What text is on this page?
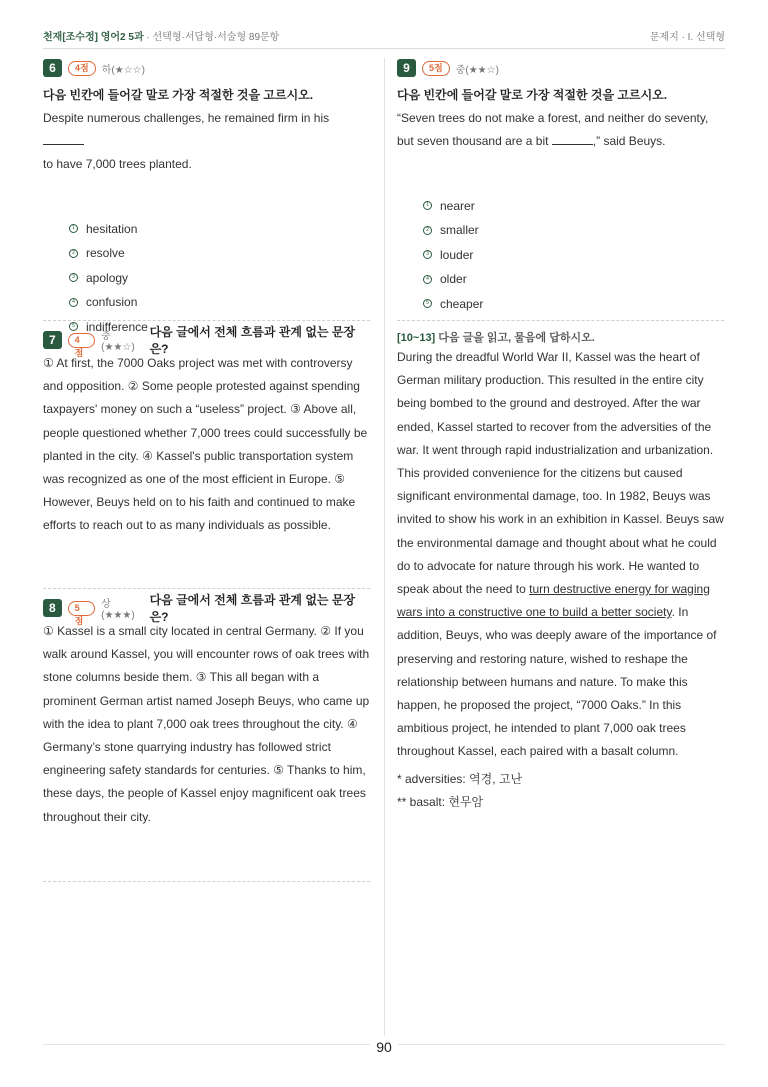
천재[조수정] 영어2 5과 · 선택형·서답형·서술형 89문항	문제지 · I. 선택형
6	4점	하(★☆☆)
다음 빈칸에 들어갈 말로 가장 적절한 것을 고르시오.
Despite numerous challenges, he remained firm in his
to have 7,000 trees planted.
1 hesitation
2 resolve
3 apology
4 confusion
5 indifference
7	4점
중(★★☆)
다음 글에서 전체 흐름과 관계 없는 문장은?
① At first, the 7000 Oaks project was met with controversy
and opposition. ② Some people protested against spending
taxpayers' money on such a “useless” project. ③ Above all,
people questioned whether 7,000 trees could successfully be
planted in the city. ④ Kassel's public transportation system
was recognized as one of the most efficient in Europe. ⑤
However, Beuys held on to his faith and continued to make
efforts to reach out to as many individuals as possible.
8	5점
상(★★★)
다음 글에서 전체 흐름과 관계 없는 문장은?
① Kassel is a small city located in central Germany. ② If you
walk around Kassel, you will encounter rows of oak trees with
stone columns beside them. ③ This all began with a
prominent German artist named Joseph Beuys, who came up
with the idea to plant 7,000 oak trees throughout the city. ④
Germany’s stone quarrying industry has followed strict
engineering safety standards for centuries. ⑤ Thanks to him,
these days, the people of Kassel enjoy magnificent oak trees
throughout their city.
9	5점	중(★★☆)
다음 빈칸에 들어갈 말로 가장 적절한 것을 고르시오.
“Seven trees do not make a forest, and neither do seventy,
but seven thousand are a bit	,” said Beuys.
1 nearer
2 smaller
3 louder
4 older
5 cheaper
[10~13] 다음 글을 읽고, 물음에 답하시오.
During the dreadful World War II, Kassel was the heart of
German military production. This resulted in the entire city
being bombed to the ground and destroyed. After the war
ended, Kassel started to recover from the adversities of the
war. It went through rapid industrialization and urbanization.
This provided convenience for the citizens but caused
significant environmental damage, too. In 1982, Beuys was
invited to show his work in an exhibition in Kassel. Beuys saw
the environmental damage and thought about what he could
do to advocate for nature through his work. He wanted to
speak about the need to turn destructive energy for waging
wars into a constructive one to build a better society. In
addition, Beuys, who was deeply aware of the importance of
preserving and restoring nature, wished to reshape the
relationship between humans and nature. To make this
happen, he proposed the project, “7000 Oaks.” In this
ambitious project, he intended to plant 7,000 oak trees
throughout Kassel, each paired with a basalt column.
* adversities: 역경, 고난
** basalt: 현무암
90
